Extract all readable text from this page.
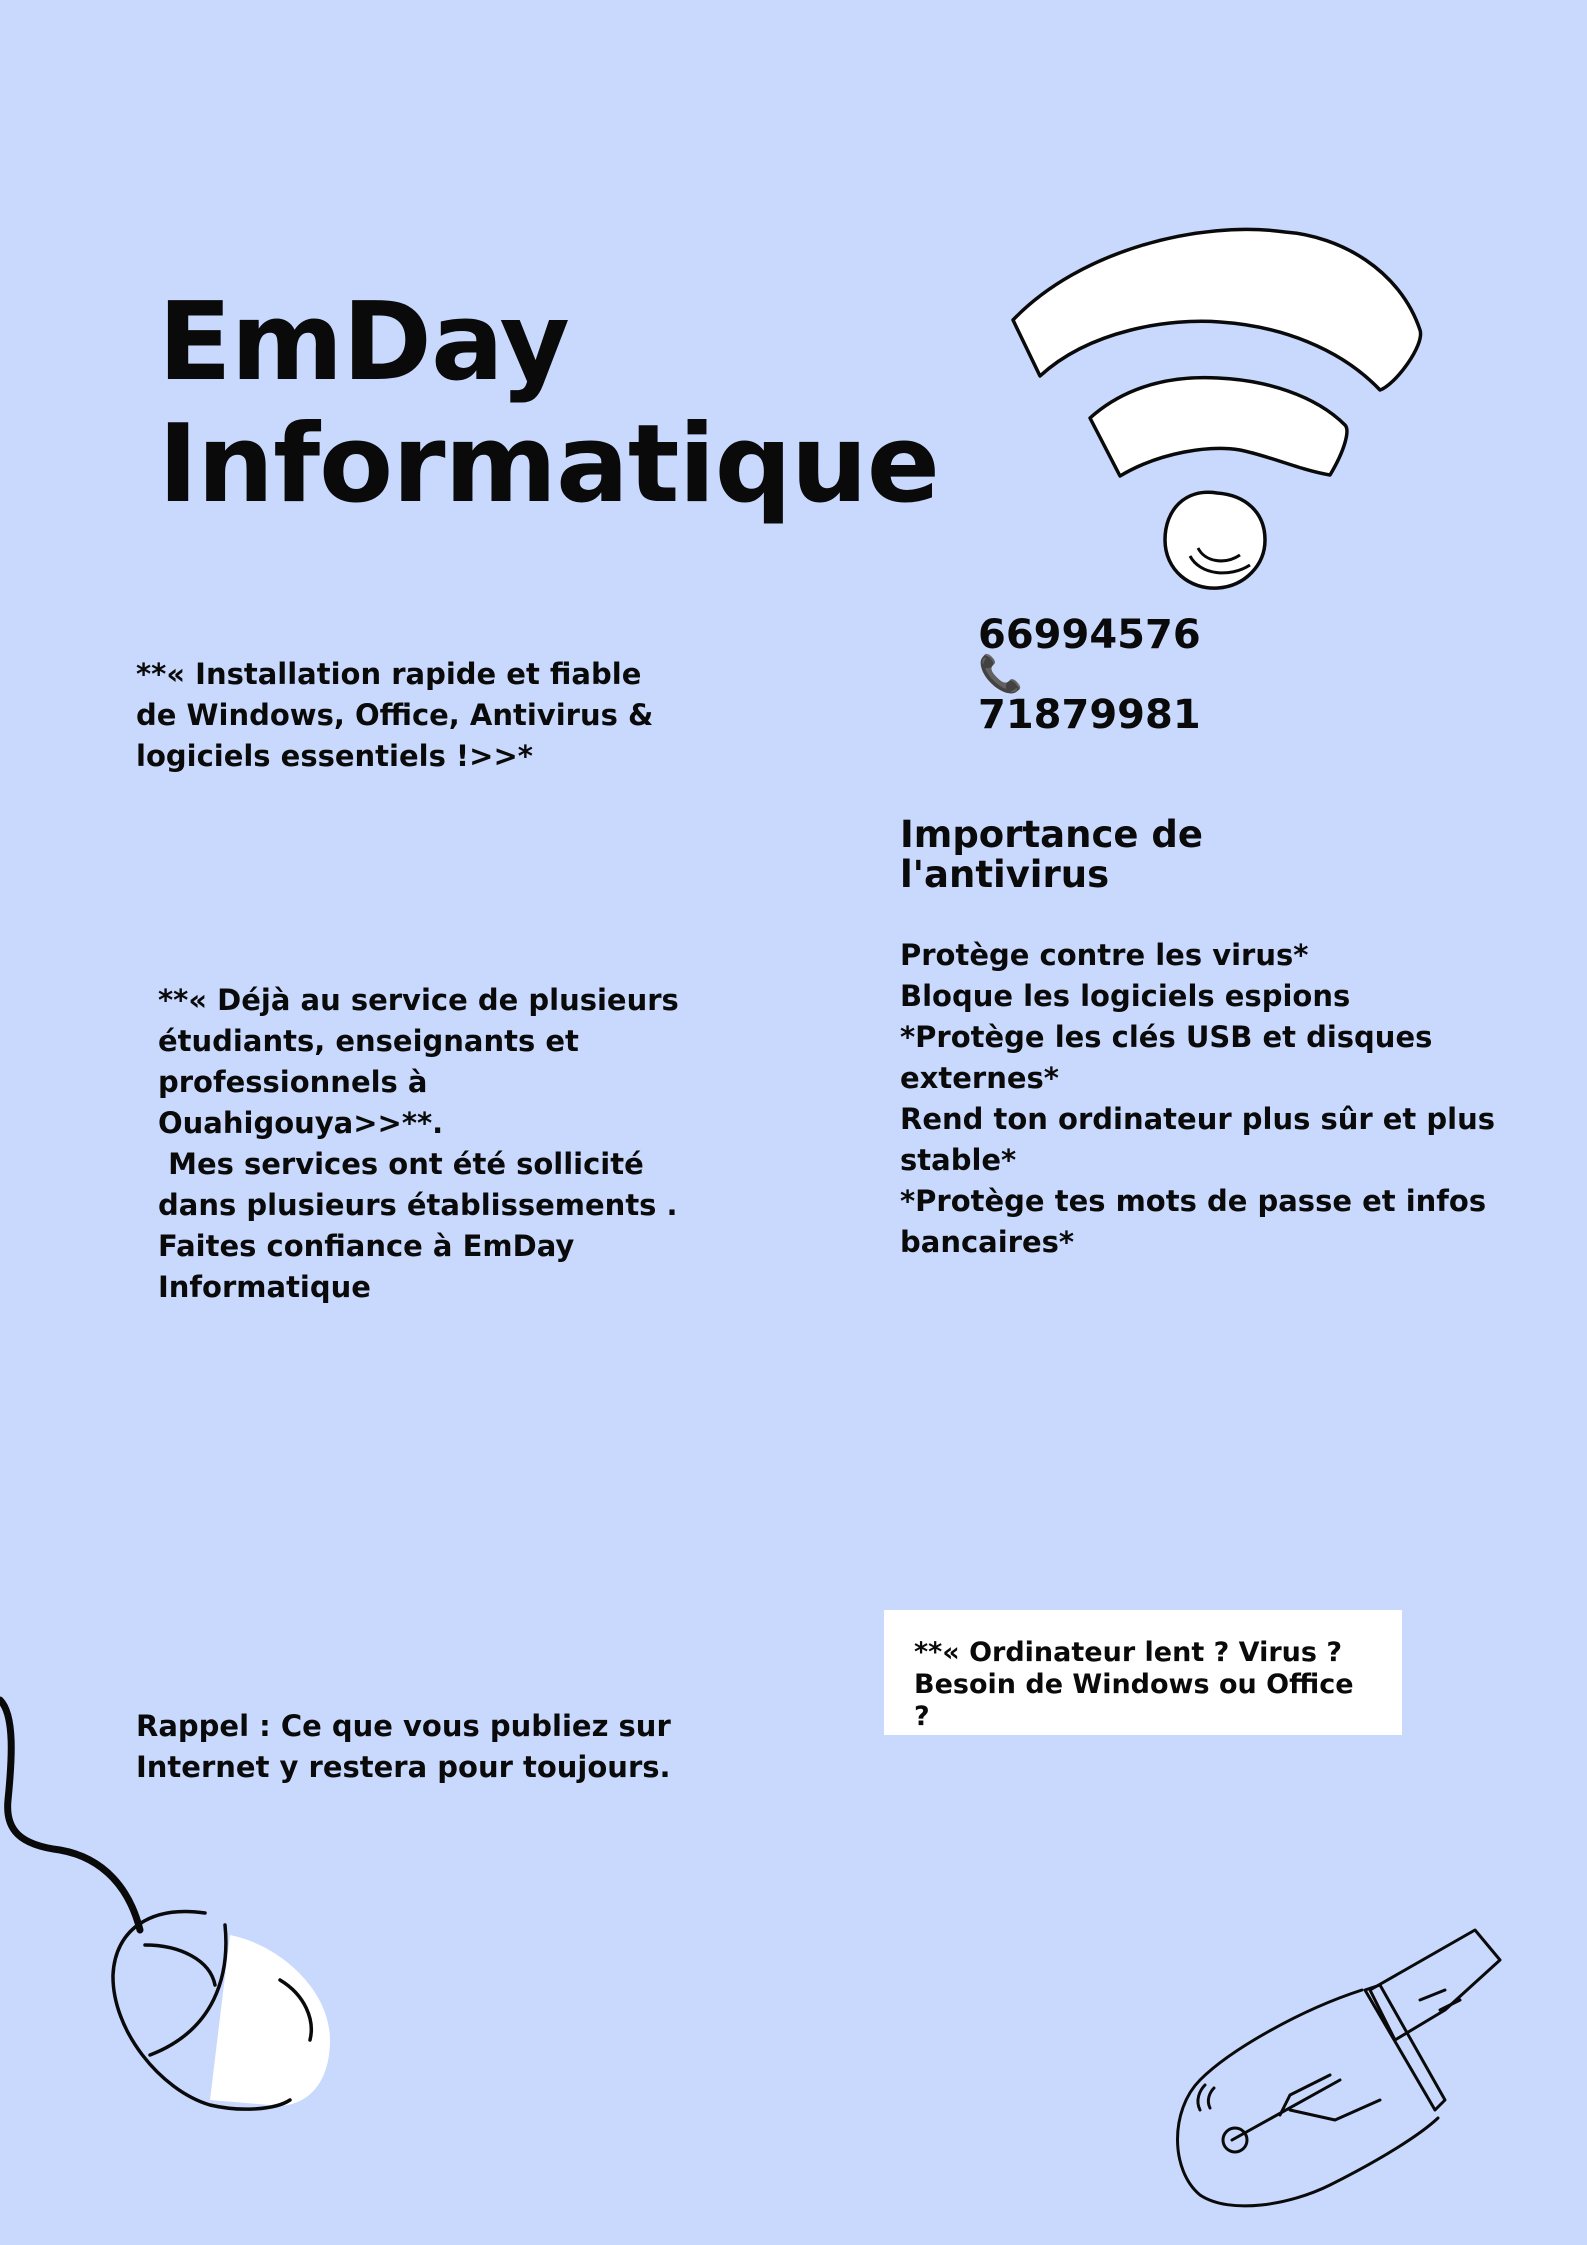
EmDay
Informatique
66994576
📞
71879981

**« Installation rapide et fiable
de Windows, Office, Antivirus &
logiciels essentiels !>>*

Importance de
l'antivirus

Protège contre les virus*
Bloque les logiciels espions
*Protège les clés USB et disques
externes*
Rend ton ordinateur plus sûr et plus
stable*
*Protège tes mots de passe et infos
bancaires*

**« Déjà au service de plusieurs
étudiants, enseignants et
professionnels à
Ouahigouya>>**.
Mes services ont été sollicité
dans plusieurs établissements .
Faites confiance à EmDay
Informatique

**« Ordinateur lent ? Virus ?
Besoin de Windows ou Office
?

Rappel : Ce que vous publiez sur
Internet y restera pour toujours.
